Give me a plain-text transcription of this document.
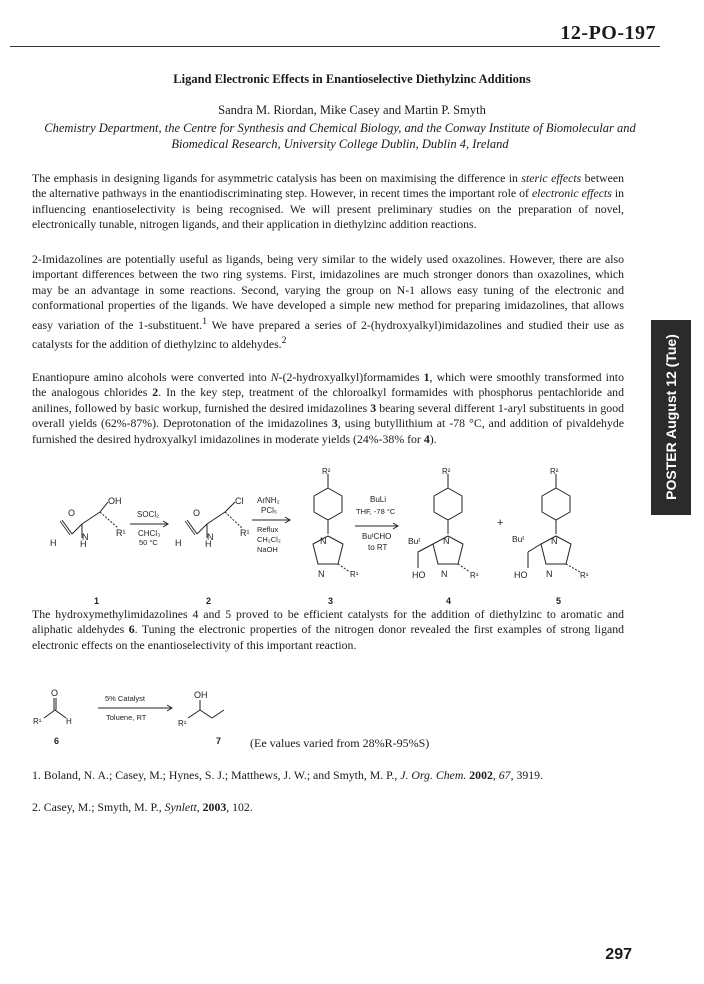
12-PO-197
Ligand Electronic Effects in Enantioselective Diethylzinc Additions
Sandra M. Riordan, Mike Casey and Martin P. Smyth
Chemistry Department, the Centre for Synthesis and Chemical Biology, and the Conway Institute of Biomolecular and Biomedical Research, University College Dublin, Dublin 4, Ireland
POSTER August 12 (Tue)
The emphasis in designing ligands for asymmetric catalysis has been on maximising the difference in steric effects between the alternative pathways in the enantiodiscriminating step. However, in recent times the important role of electronic effects in influencing enantioselectivity is being recognised. We will present preliminary studies on the preparation of novel, electronically tunable, nitrogen ligands, and their application in diethylzinc addition reactions.
2-Imidazolines are potentially useful as ligands, being very similar to the widely used oxazolines. However, there are also important differences between the two ring systems. First, imidazolines are much stronger donors than oxazolines, which may be an advantage in some reactions. Second, varying the group on N-1 allows easy tuning of the electronic and conformational properties of the ligands. We have developed a simple new method for preparing imidazolines, that allows easy variation of the 1-substituent.$^1$ We have prepared a series of 2-(hydroxyalkyl)imidazolines and studied their use as catalysts for the addition of diethylzinc to aldehydes.$^2$
Enantiopure amino alcohols were converted into N-(2-hydroxyalkyl)formamides 1, which were smoothly transformed into the analogous chlorides 2. In the key step, treatment of the chloroalkyl formamides with phosphorus pentachloride and anilines, followed by basic workup, furnished the desired imidazolines 3 bearing several different 1-aryl substituents in good overall yields (62%-87%). Deprotonation of the imidazolines 3, using butyllithium at -78 °C, and addition of pivaldehyde furnished the desired hydroxyalkyl imidazolines in moderate yields (24%-38% for 4).
O
OH
H	H
N	R¹
SOCl₂
CHCl₃
50 °C
O
Cl
H	H
N	R¹
ArNH₂
PCl₅
Reflux
CH₂Cl₂
NaOH
R²
N
N	R¹
BuLi
THF, -78 °C
BuᵗCHO
to RT
R²
N
N	R¹
Buᵗ
HO
+
R²
N
N	R¹
Buᵗ
HO
1	2	3	4	5
The hydroxymethylimidazolines 4 and 5 proved to be efficient catalysts for the addition of diethylzinc to aromatic and aliphatic aldehydes 6. Tuning the electronic properties of the nitrogen donor revealed the first examples of strong ligand electronic effects on the enantioselectivity of this important reaction.
O
R¹	H
5% Catalyst
Toluene, RT
OH
R¹
6	7 (Ee values varied from 28%R-95%S)
1. Boland, N. A.; Casey, M.; Hynes, S. J.; Matthews, J. W.; and Smyth, M. P., J. Org. Chem. 2002, 67, 3919.
2. Casey, M.; Smyth, M. P., Synlett, 2003, 102.
297
